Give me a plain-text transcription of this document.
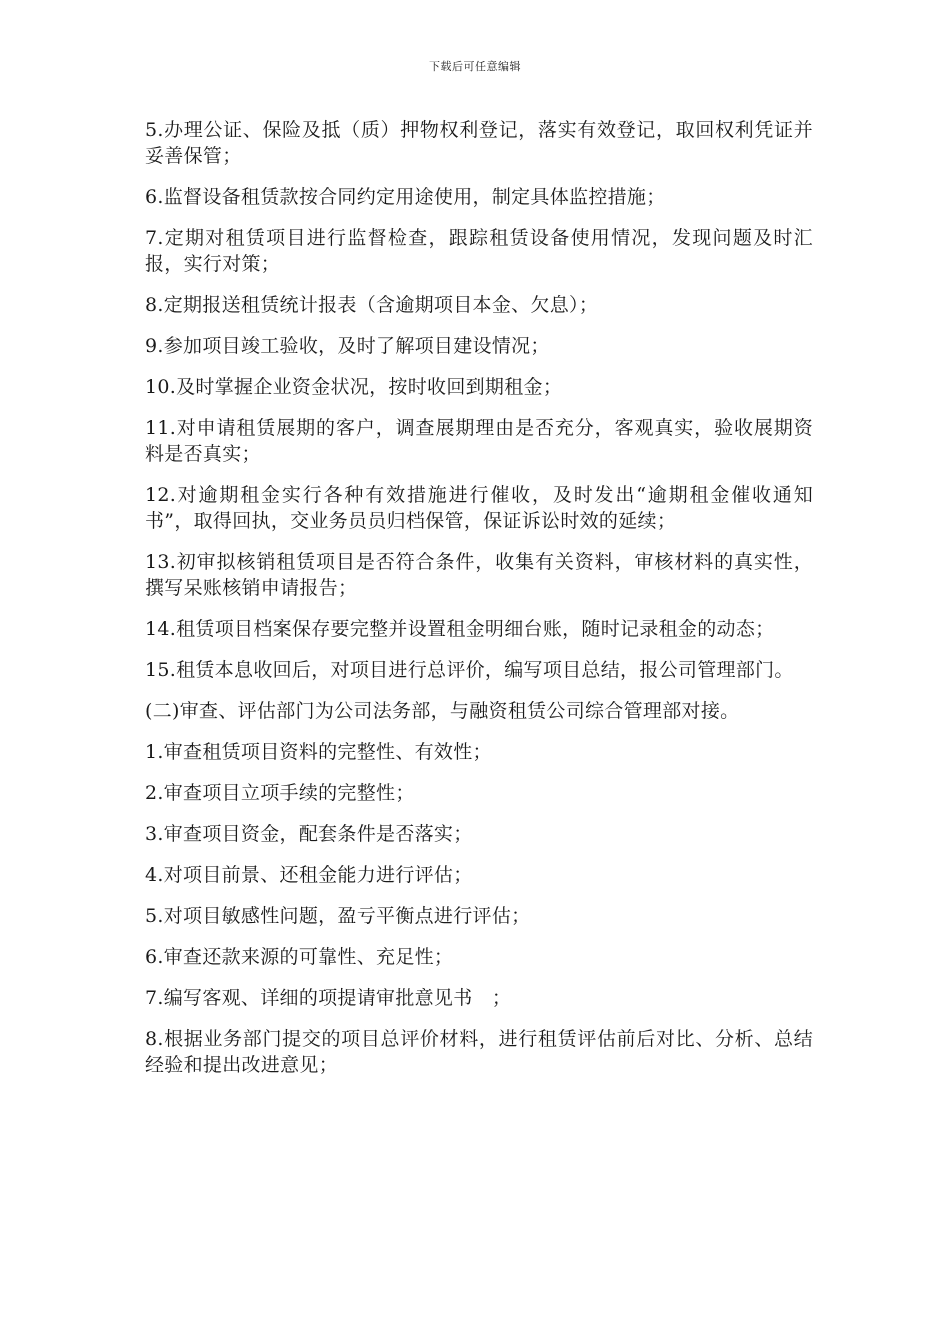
下载后可任意编辑

5.办理公证、保险及抵（质）押物权利登记，落实有效登记，取回权利凭证并妥善保管；

6.监督设备租赁款按合同约定用途使用，制定具体监控措施；

7.定期对租赁项目进行监督检查，跟踪租赁设备使用情况，发现问题及时汇报，实行对策；

8.定期报送租赁统计报表（含逾期项目本金、欠息）；

9.参加项目竣工验收，及时了解项目建设情况；

10.及时掌握企业资金状况，按时收回到期租金；

11.对申请租赁展期的客户，调查展期理由是否充分，客观真实，验收展期资料是否真实；

12.对逾期租金实行各种有效措施进行催收，及时发出“逾期租金催收通知书”，取得回执，交业务员员归档保管，保证诉讼时效的延续；

13.初审拟核销租赁项目是否符合条件，收集有关资料，审核材料的真实性，撰写呆账核销申请报告；

14.租赁项目档案保存要完整并设置租金明细台账，随时记录租金的动态；

15.租赁本息收回后，对项目进行总评价，编写项目总结，报公司管理部门。

(二)审查、评估部门为公司法务部，与融资租赁公司综合管理部对接。

1.审查租赁项目资料的完整性、有效性；

2.审查项目立项手续的完整性；

3.审查项目资金，配套条件是否落实；

4.对项目前景、还租金能力进行评估；

5.对项目敏感性问题，盈亏平衡点进行评估；

6.审查还款来源的可靠性、充足性；

7.编写客观、详细的项提请审批意见书　；

8.根据业务部门提交的项目总评价材料，进行租赁评估前后对比、分析、总结经验和提出改进意见；
